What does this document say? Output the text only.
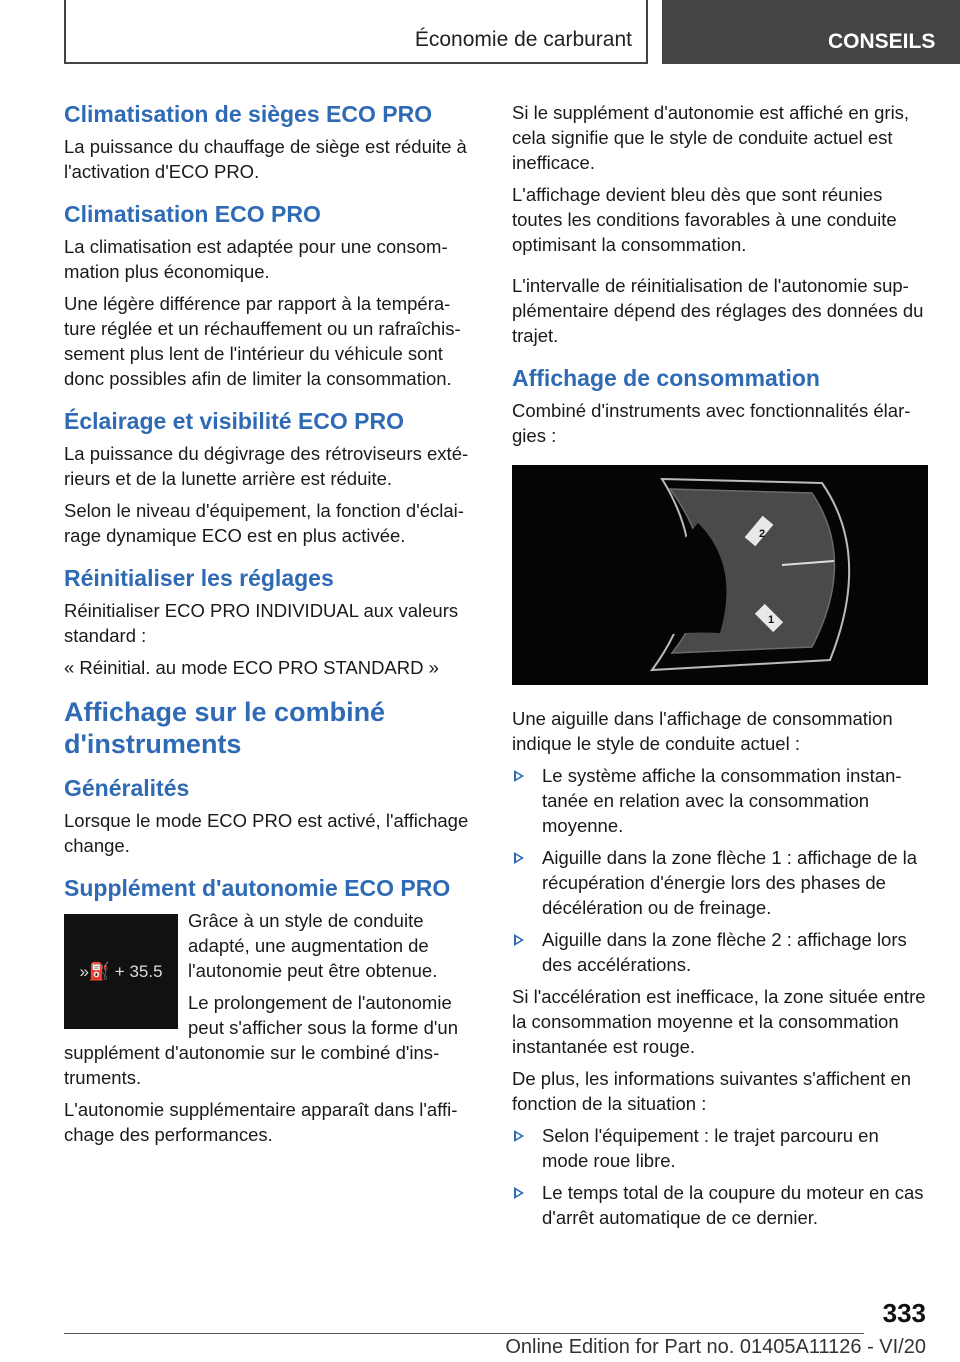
Économie de carburant	CONSEILS
Climatisation de sièges ECO PRO

La puissance du chauffage de siège est réduite à l'activation d'ECO PRO.

Climatisation ECO PRO

La climatisation est adaptée pour une consommation plus économique.

Une légère différence par rapport à la température réglée et un réchauffement ou un rafraîchissement plus lent de l'intérieur du véhicule sont donc possibles afin de limiter la consommation.

Éclairage et visibilité ECO PRO

La puissance du dégivrage des rétroviseurs extérieurs et de la lunette arrière est réduite.

Selon le niveau d'équipement, la fonction d'éclairage dynamique ECO est en plus activée.

Réinitialiser les réglages

Réinitialiser ECO PRO INDIVIDUAL aux valeurs standard :

« Réinitial. au mode ECO PRO STANDARD »

Affichage sur le combiné d'instruments
Généralités

Lorsque le mode ECO PRO est activé, l'affichage change.

Supplément d'autonomie ECO PRO
»⛽ + 35.5

Grâce à un style de conduite adapté, une augmentation de l'autonomie peut être obtenue.

Le prolongement de l'autonomie peut s'afficher sous la forme d'un supplément d'autonomie sur le combiné d'instruments.

L'autonomie supplémentaire apparaît dans l'affichage des performances.

Si le supplément d'autonomie est affiché en gris, cela signifie que le style de conduite actuel est inefficace.

L'affichage devient bleu dès que sont réunies toutes les conditions favorables à une conduite optimisant la consommation.

L'intervalle de réinitialisation de l'autonomie supplémentaire dépend des réglages des données du trajet.

Affichage de consommation

Combiné d'instruments avec fonctionnalités élargies :

2
1

Une aiguille dans l'affichage de consommation indique le style de conduite actuel :

Le système affiche la consommation instantanée en relation avec la consommation moyenne.
Aiguille dans la zone flèche 1 : affichage de la récupération d'énergie lors des phases de décélération ou de freinage.
Aiguille dans la zone flèche 2 : affichage lors des accélérations.

Si l'accélération est inefficace, la zone située entre la consommation moyenne et la consommation instantanée est rouge.

De plus, les informations suivantes s'affichent en fonction de la situation :

Selon l'équipement : le trajet parcouru en mode roue libre.
Le temps total de la coupure du moteur en cas d'arrêt automatique de ce dernier.
333
Online Edition for Part no. 01405A11126 - VI/20
